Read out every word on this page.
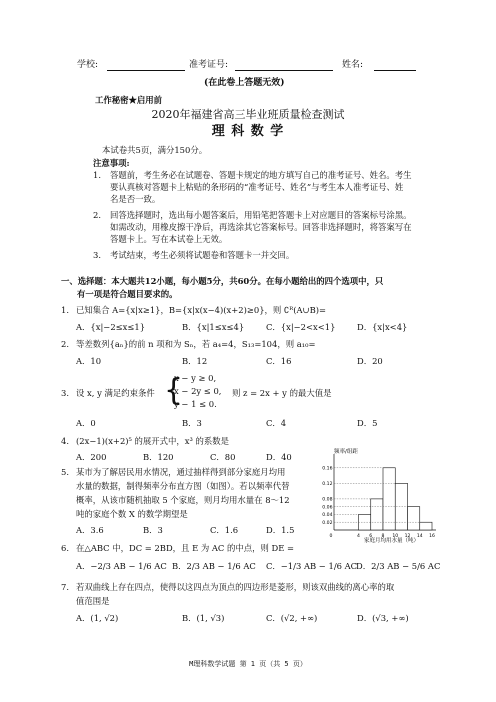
学校:	准考证号:	姓名:
(在此卷上答题无效)
工作秘密★启用前
2020年福建省高三毕业班质量检查测试
理 科 数 学
本试卷共5页，满分150分。
注意事项:
1. 答题前，考生务必在试题卷、答题卡规定的地方填写自己的准考证号、姓名。考生
要认真核对答题卡上粘贴的条形码的“准考证号、姓名”与考生本人准考证号、姓
名是否一致。
2. 回答选择题时，选出每小题答案后，用铅笔把答题卡上对应题目的答案标号涂黑。
如需改动，用橡皮擦干净后，再选涂其它答案标号。回答非选择题时，将答案写在
答题卡上。写在本试卷上无效。
3. 考试结束，考生必须将试题卷和答题卡一并交回。
一、选择题：本大题共12小题，每小题5分，共60分。在每小题给出的四个选项中，只
有一项是符合题目要求的。
1. 已知集合 A={x|x≥1}，B={x|x(x−4)(x+2)≥0}，则 ∁ᴿ(A∪B)=
A．{x|−2≤x≤1}	B．{x|1≤x≤4}	C．{x|−2<x<1}	D．{x|x<4}
2. 等差数列{aₙ}的前 n 项和为 Sₙ，若 a₄=4，S₁₃=104，则 a₁₀=
A．10	B．12	C．16	D．20
3. 设 x, y 满足约束条件 {
x − y ≥ 0,
x − 2y ≤ 0,
y − 1 ≤ 0.
则 z = 2x + y 的最大值是
A．0	B．3	C．4	D．5
4. (2x−1)(x+2)⁵ 的展开式中，x³ 的系数是
A．200	B．120	C．80	D．40
5. 某市为了解居民用水情况，通过抽样得到部分家庭月均用
水量的数据，制得频率分布直方图（如图）。若以频率代替
概率，从该市随机抽取 5 个家庭，则月均用水量在 8～12
吨的家庭个数 X 的数学期望是
A．3.6	B．3	C．1.6	D．1.5
频率/组距
家庭月均用水量（吨）
0.02
0.04
0.06
0.08
0.12
0.16
0	4 6 8 10 12 14 16
6. 在△ABC 中，DC = 2BD，且 E 为 AC 的中点，则 DE =
A．−2/3 AB − 1/6 AC B．2/3 AB − 1/6 AC C．−1/3 AB − 1/6 AC
D．2/3 AB − 5/6 AC
7. 若双曲线上存在四点，使得以这四点为顶点的四边形是菱形，则该双曲线的离心率的取
值范围是
A．(1, √2)	B．(1, √3)	C．(√2, +∞)	D．(√3, +∞)
M理科数学试题 第 1 页（共 5 页）
